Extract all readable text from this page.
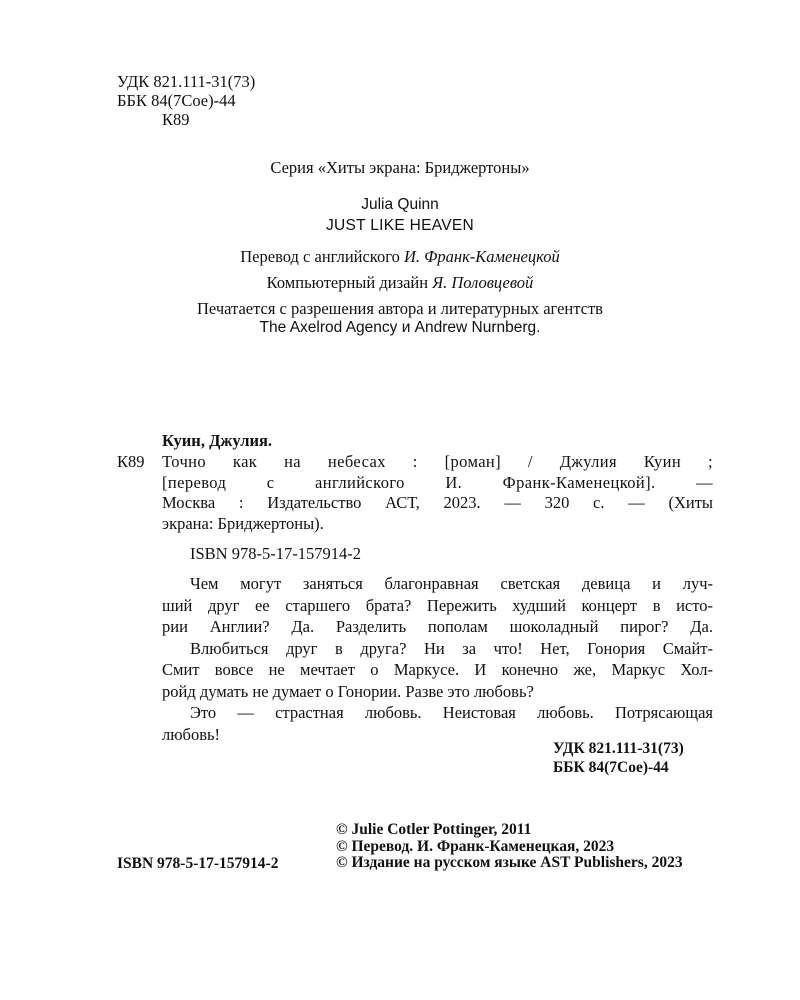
УДК 821.111-31(73)
ББК 84(7Сое)-44
К89
Серия «Хиты экрана: Бриджертоны»
Julia Quinn
JUST LIKE HEAVEN
Перевод с английского И. Франк-Каменецкой
Компьютерный дизайн Я. Половцевой
Печатается с разрешения автора и литературных агентств
The Axelrod Agency и Andrew Nurnberg.
Куин, Джулия.
К89 Точно как на небесах : [роман] / Джулия Куин ;
[перевод с английского И. Франк-Каменецкой]. —
Москва : Издательство АСТ, 2023. — 320 с. — (Хиты
экрана: Бриджертоны).
ISBN 978-5-17-157914-2
Чем могут заняться благонравная светская девица и луч-
ший друг ее старшего брата? Пережить худший концерт в исто-
рии Англии? Да. Разделить пополам шоколадный пирог? Да.
Влюбиться друг в друга? Ни за что! Нет, Гонория Смайт-
Смит вовсе не мечтает о Маркусе. И конечно же, Маркус Хол-
ройд думать не думает о Гонории. Разве это любовь?
Это — страстная любовь. Неистовая любовь. Потрясающая
любовь!
УДК 821.111-31(73)
ББК 84(7Сое)-44
© Julie Cotler Pottinger, 2011
© Перевод. И. Франк-Каменецкая, 2023
© Издание на русском языке AST Publishers, 2023
ISBN 978-5-17-157914-2
